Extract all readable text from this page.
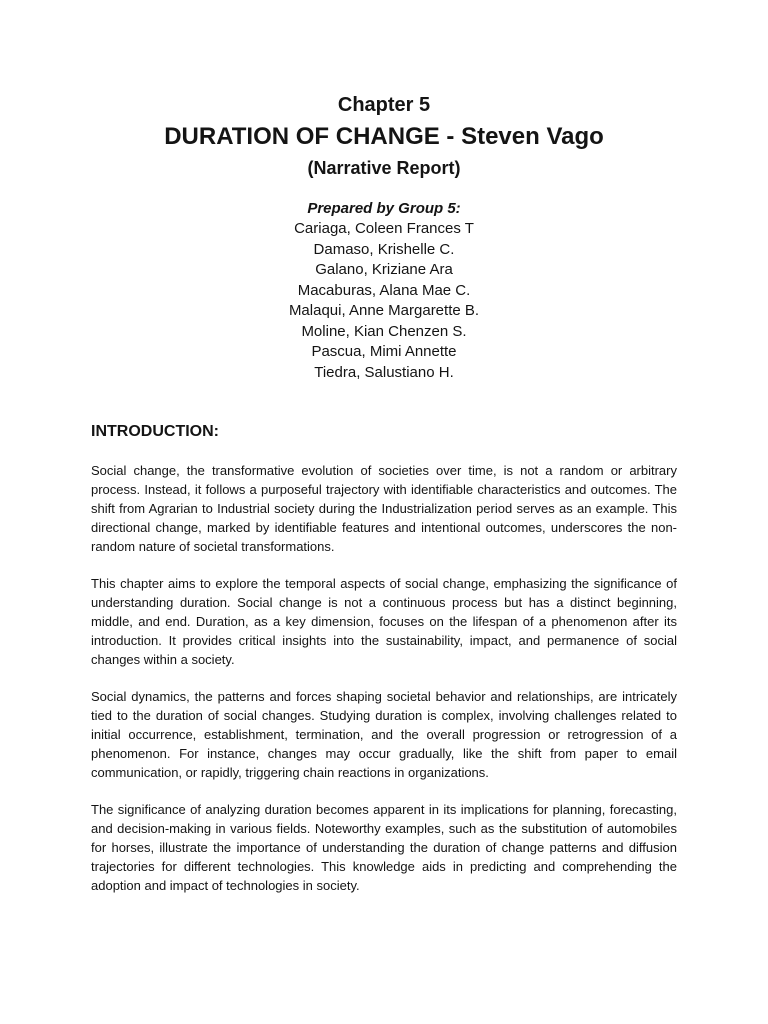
Chapter 5
DURATION OF CHANGE - Steven Vago
(Narrative Report)
Prepared by Group 5:
Cariaga, Coleen Frances T
Damaso, Krishelle C.
Galano, Kriziane Ara
Macaburas, Alana Mae C.
Malaqui, Anne Margarette B.
Moline, Kian Chenzen S.
Pascua, Mimi Annette
Tiedra, Salustiano H.
INTRODUCTION:

Social change, the transformative evolution of societies over time, is not a random or arbitrary process. Instead, it follows a purposeful trajectory with identifiable characteristics and outcomes. The shift from Agrarian to Industrial society during the Industrialization period serves as an example. This directional change, marked by identifiable features and intentional outcomes, underscores the non-random nature of societal transformations.

This chapter aims to explore the temporal aspects of social change, emphasizing the significance of understanding duration. Social change is not a continuous process but has a distinct beginning, middle, and end. Duration, as a key dimension, focuses on the lifespan of a phenomenon after its introduction. It provides critical insights into the sustainability, impact, and permanence of social changes within a society.

Social dynamics, the patterns and forces shaping societal behavior and relationships, are intricately tied to the duration of social changes. Studying duration is complex, involving challenges related to initial occurrence, establishment, termination, and the overall progression or retrogression of a phenomenon. For instance, changes may occur gradually, like the shift from paper to email communication, or rapidly, triggering chain reactions in organizations.

The significance of analyzing duration becomes apparent in its implications for planning, forecasting, and decision-making in various fields. Noteworthy examples, such as the substitution of automobiles for horses, illustrate the importance of understanding the duration of change patterns and diffusion trajectories for different technologies. This knowledge aids in predicting and comprehending the adoption and impact of technologies in society.
